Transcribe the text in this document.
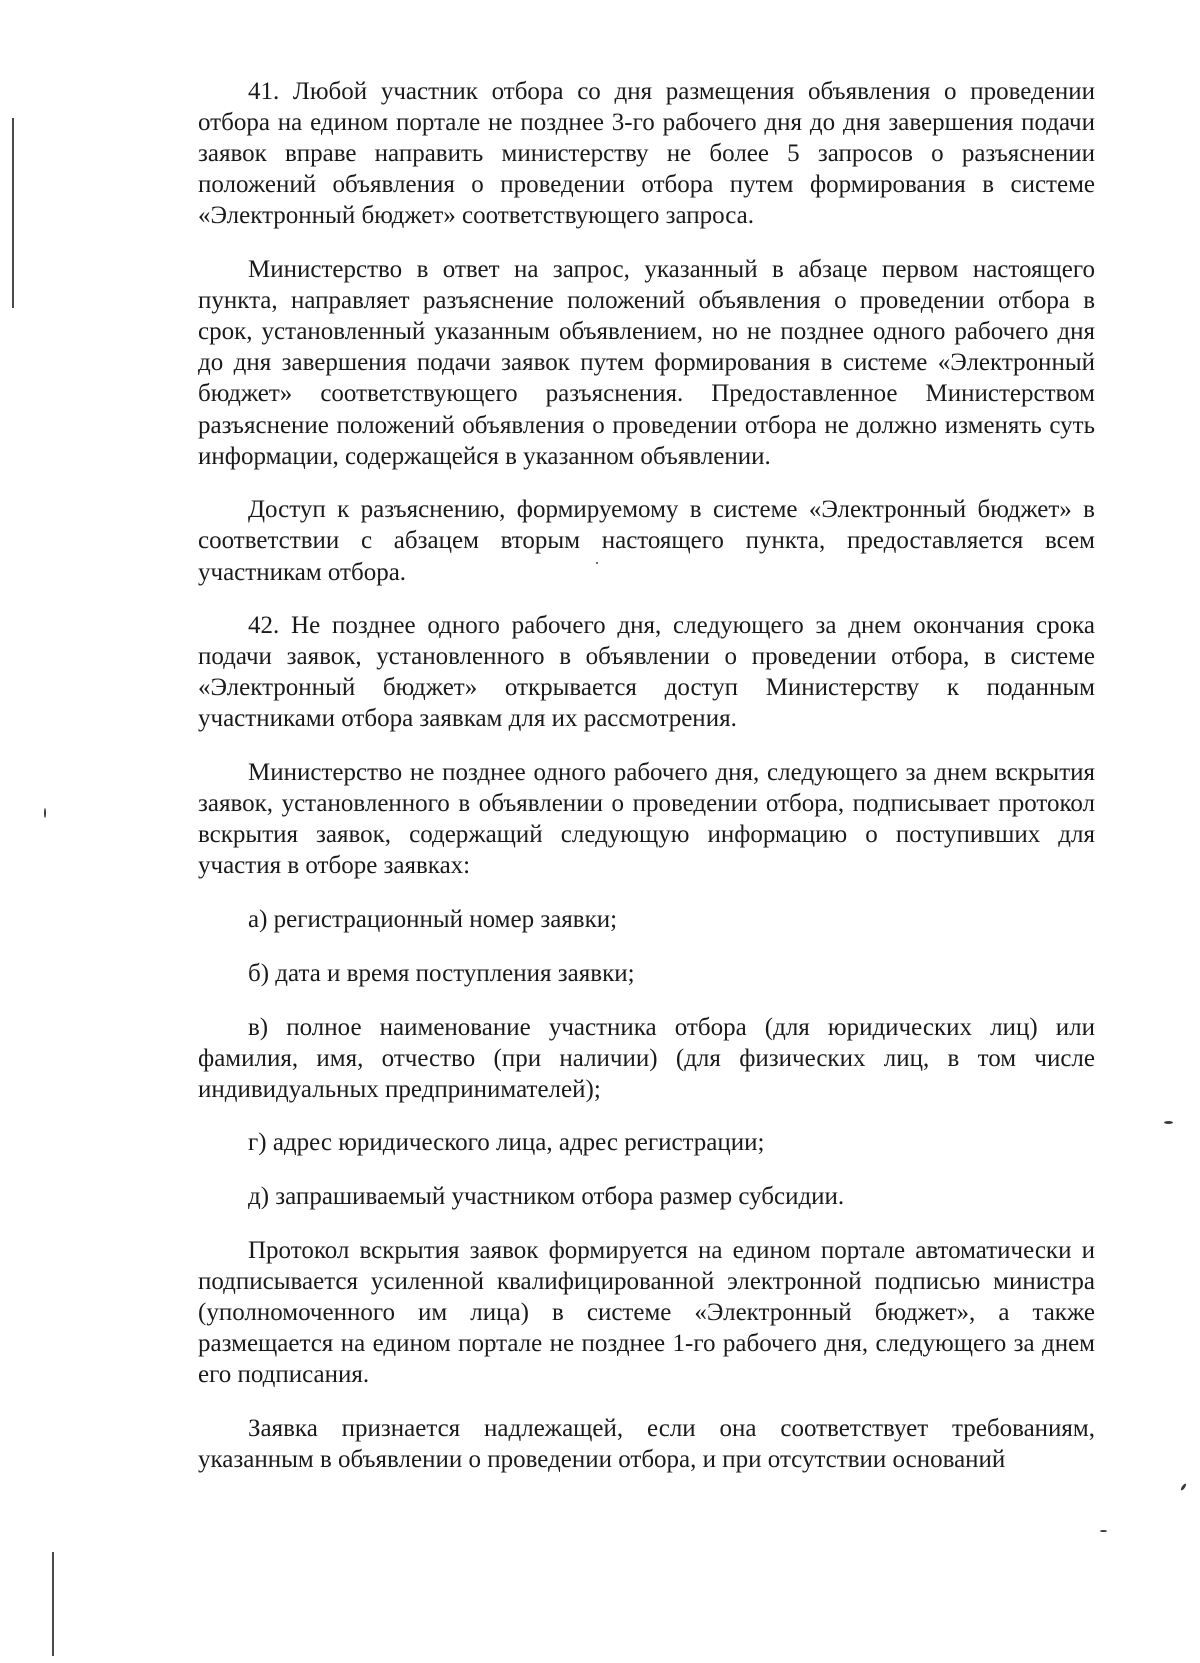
41. Любой участник отбора со дня размещения объявления о проведении отбора на едином портале не позднее 3-го рабочего дня до дня завершения подачи заявок вправе направить министерству не более 5 запросов о разъяснении положений объявления о проведении отбора путем формирования в системе «Электронный бюджет» соответствующего запроса.

Министерство в ответ на запрос, указанный в абзаце первом настоящего пункта, направляет разъяснение положений объявления о проведении отбора в срок, установленный указанным объявлением, но не позднее одного рабочего дня до дня завершения подачи заявок путем формирования в системе «Электронный бюджет» соответствующего разъяснения. Предоставленное Министерством разъяснение положений объявления о проведении отбора не должно изменять суть информации, содержащейся в указанном объявлении.

Доступ к разъяснению, формируемому в системе «Электронный бюджет» в соответствии с абзацем вторым настоящего пункта, предоставляется всем участникам отбора.

42. Не позднее одного рабочего дня, следующего за днем окончания срока подачи заявок, установленного в объявлении о проведении отбора, в системе «Электронный бюджет» открывается доступ Министерству к поданным участниками отбора заявкам для их рассмотрения.

Министерство не позднее одного рабочего дня, следующего за днем вскрытия заявок, установленного в объявлении о проведении отбора, подписывает протокол вскрытия заявок, содержащий следующую информацию о поступивших для участия в отборе заявках:

а) регистрационный номер заявки;

б) дата и время поступления заявки;

в) полное наименование участника отбора (для юридических лиц) или фамилия, имя, отчество (при наличии) (для физических лиц, в том числе индивидуальных предпринимателей);

г) адрес юридического лица, адрес регистрации;

д) запрашиваемый участником отбора размер субсидии.

Протокол вскрытия заявок формируется на едином портале автоматически и подписывается усиленной квалифицированной электронной подписью министра (уполномоченного им лица) в системе «Электронный бюджет», а также размещается на едином портале не позднее 1-го рабочего дня, следующего за днем его подписания.

Заявка признается надлежащей, если она соответствует требованиям, указанным в объявлении о проведении отбора, и при отсутствии оснований
